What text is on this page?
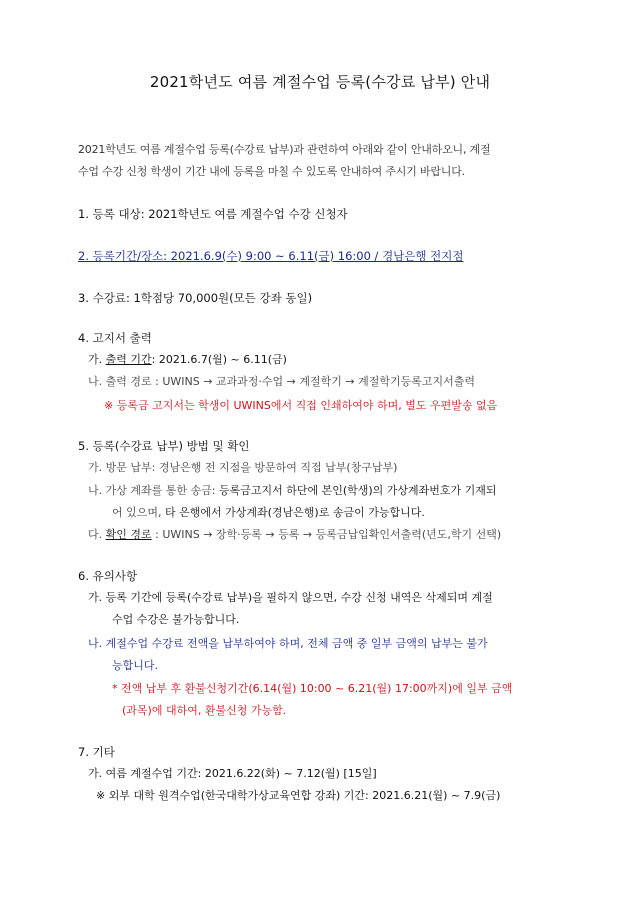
2021학년도 여름 계절수업 등록(수강료 납부) 안내
2021학년도 여름 계절수업 등록(수강료 납부)과 관련하여 아래와 같이 안내하오니, 계절
수업 수강 신청 학생이 기간 내에 등록을 마칠 수 있도록 안내하여 주시기 바랍니다.
1. 등록 대상: 2021학년도 여름 계절수업 수강 신청자
2. 등록기간/장소: 2021.6.9(수) 9:00 ~ 6.11(금) 16:00 / 경남은행 전지점
3. 수강료: 1학점당 70,000원(모든 강좌 동일)
4. 고지서 출력
가. 출력 기간: 2021.6.7(월) ~ 6.11(금)
나. 출력 경로 : UWINS → 교과과정·수업 → 계절학기 → 계절학기등록고지서출력
※ 등록금 고지서는 학생이 UWINS에서 직접 인쇄하여야 하며, 별도 우편발송 없음
5. 등록(수강료 납부) 방법 및 확인
가. 방문 납부: 경남은행 전 지점을 방문하여 직접 납부(창구납부)
나. 가상 계좌를 통한 송금: 등록금고지서 하단에 본인(학생)의 가상계좌번호가 기재되
어 있으며, 타 은행에서 가상계좌(경남은행)로 송금이 가능합니다.
다. 확인 경로 : UWINS → 장학·등록 → 등록 → 등록금납입확인서출력(년도,학기 선택)
6. 유의사항
가. 등록 기간에 등록(수강료 납부)을 필하지 않으면, 수강 신청 내역은 삭제되며 계절
수업 수강은 불가능합니다.
나. 계절수업 수강료 전액을 납부하여야 하며, 전체 금액 중 일부 금액의 납부는 불가
능합니다.
* 전액 납부 후 환불신청기간(6.14(월) 10:00 ~ 6.21(월) 17:00까지)에 일부 금액
(과목)에 대하여, 환불신청 가능함.
7. 기타
가. 여름 계절수업 기간: 2021.6.22(화) ~ 7.12(월) [15일]
※ 외부 대학 원격수업(한국대학가상교육연합 강좌) 기간: 2021.6.21(월) ~ 7.9(금)
